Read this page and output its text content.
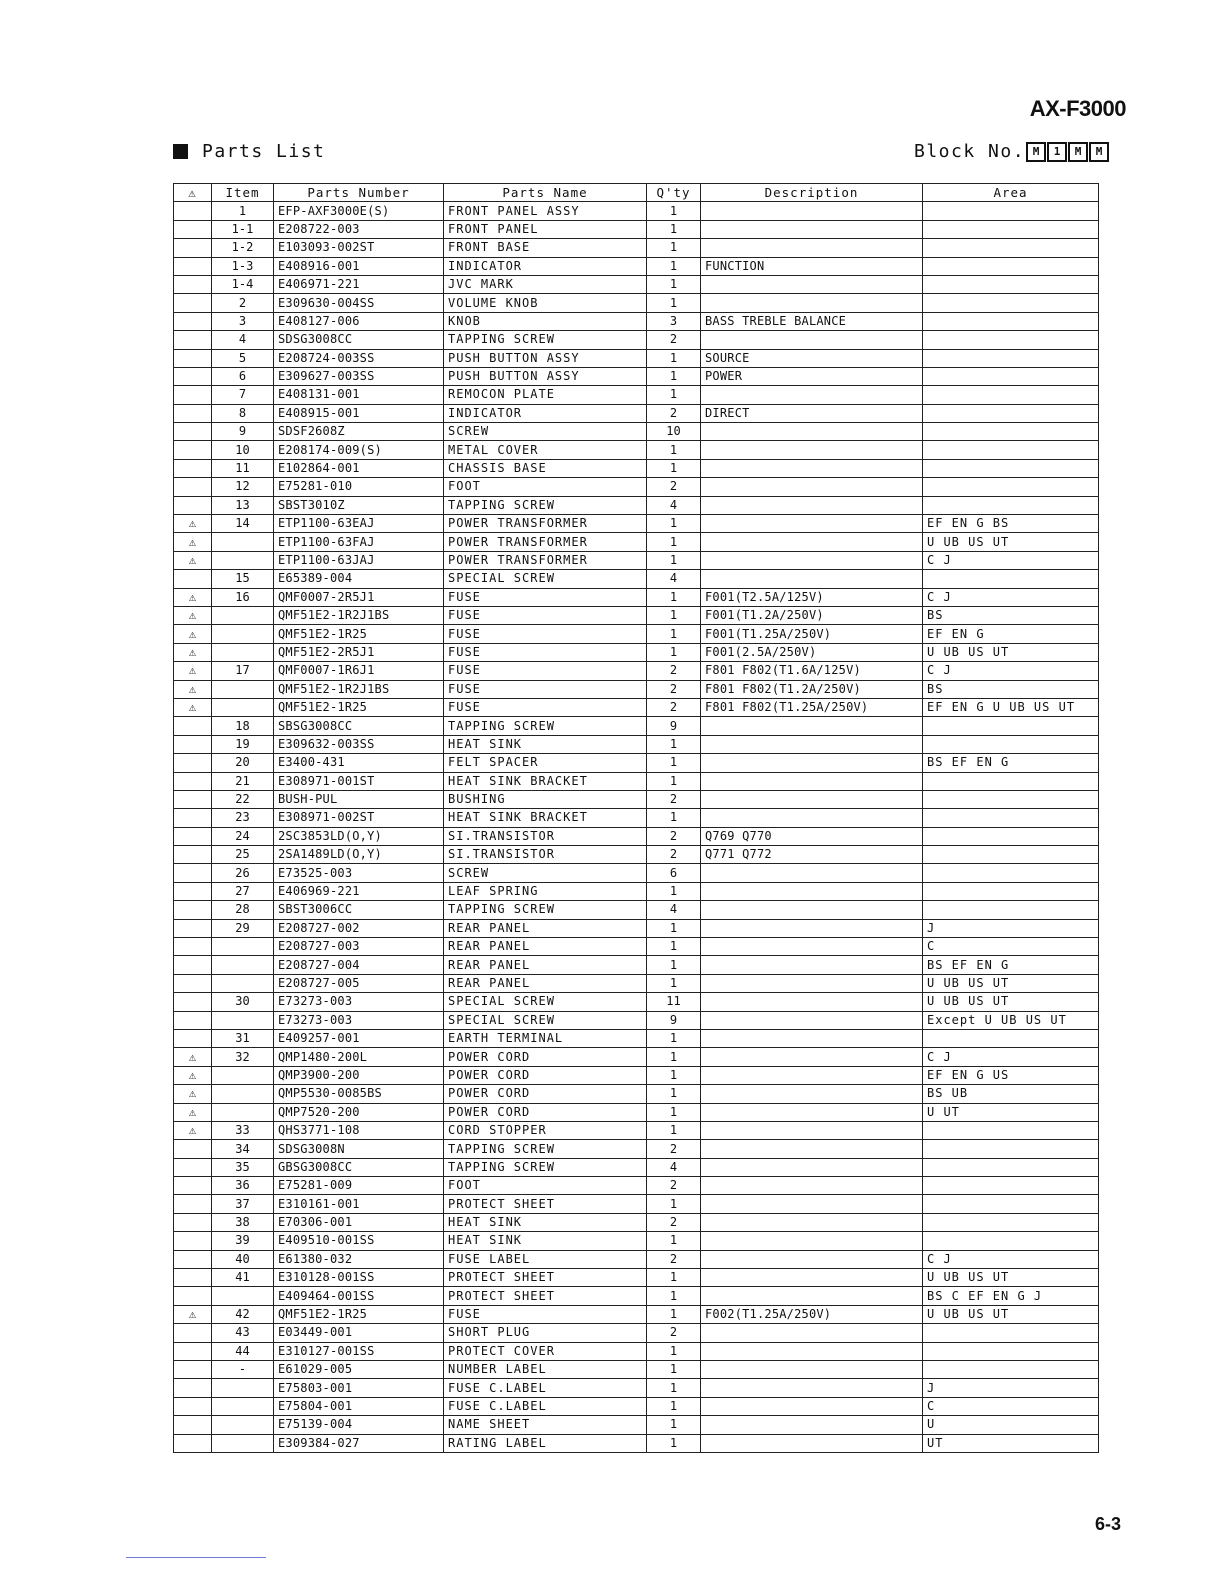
AX-F3000
Parts List	Block No. M	1	M	M
⚠	Item	Parts Number	Parts Name	Q'ty	Description	Area
	1	EFP-AXF3000E(S)	FRONT PANEL ASSY	1		
	1-1	E208722-003	FRONT PANEL	1		
	1-2	E103093-002ST	FRONT BASE	1		
	1-3	E408916-001	INDICATOR	1	FUNCTION	
	1-4	E406971-221	JVC MARK	1		
	2	E309630-004SS	VOLUME KNOB	1		
	3	E408127-006	KNOB	3	BASS TREBLE BALANCE	
	4	SDSG3008CC	TAPPING SCREW	2		
	5	E208724-003SS	PUSH BUTTON ASSY	1	SOURCE	
	6	E309627-003SS	PUSH BUTTON ASSY	1	POWER	
	7	E408131-001	REMOCON PLATE	1		
	8	E408915-001	INDICATOR	2	DIRECT	
	9	SDSF2608Z	SCREW	10		
	10	E208174-009(S)	METAL COVER	1		
	11	E102864-001	CHASSIS BASE	1		
	12	E75281-010	FOOT	2		
	13	SBST3010Z	TAPPING SCREW	4		
⚠	14	ETP1100-63EAJ	POWER TRANSFORMER	1		EF EN G BS
⚠		ETP1100-63FAJ	POWER TRANSFORMER	1		U UB US UT
⚠		ETP1100-63JAJ	POWER TRANSFORMER	1		C J
	15	E65389-004	SPECIAL SCREW	4		
⚠	16	QMF0007-2R5J1	FUSE	1	F001(T2.5A/125V)	C J
⚠		QMF51E2-1R2J1BS	FUSE	1	F001(T1.2A/250V)	BS
⚠		QMF51E2-1R25	FUSE	1	F001(T1.25A/250V)	EF EN G
⚠		QMF51E2-2R5J1	FUSE	1	F001(2.5A/250V)	U UB US UT
⚠	17	QMF0007-1R6J1	FUSE	2	F801 F802(T1.6A/125V)	C J
⚠		QMF51E2-1R2J1BS	FUSE	2	F801 F802(T1.2A/250V)	BS
⚠		QMF51E2-1R25	FUSE	2	F801 F802(T1.25A/250V)	EF EN G U UB US UT
	18	SBSG3008CC	TAPPING SCREW	9		
	19	E309632-003SS	HEAT SINK	1		
	20	E3400-431	FELT SPACER	1		BS EF EN G
	21	E308971-001ST	HEAT SINK BRACKET	1		
	22	BUSH-PUL	BUSHING	2		
	23	E308971-002ST	HEAT SINK BRACKET	1		
	24	2SC3853LD(O,Y)	SI.TRANSISTOR	2	Q769 Q770	
	25	2SA1489LD(O,Y)	SI.TRANSISTOR	2	Q771 Q772	
	26	E73525-003	SCREW	6		
	27	E406969-221	LEAF SPRING	1		
	28	SBST3006CC	TAPPING SCREW	4		
	29	E208727-002	REAR PANEL	1		J
		E208727-003	REAR PANEL	1		C
		E208727-004	REAR PANEL	1		BS EF EN G
		E208727-005	REAR PANEL	1		U UB US UT
	30	E73273-003	SPECIAL SCREW	11		U UB US UT
		E73273-003	SPECIAL SCREW	9		Except U UB US UT
	31	E409257-001	EARTH TERMINAL	1		
⚠	32	QMP1480-200L	POWER CORD	1		C J
⚠		QMP3900-200	POWER CORD	1		EF EN G US
⚠		QMP5530-0085BS	POWER CORD	1		BS UB
⚠		QMP7520-200	POWER CORD	1		U UT
⚠	33	QHS3771-108	CORD STOPPER	1		
	34	SDSG3008N	TAPPING SCREW	2		
	35	GBSG3008CC	TAPPING SCREW	4		
	36	E75281-009	FOOT	2		
	37	E310161-001	PROTECT SHEET	1		
	38	E70306-001	HEAT SINK	2		
	39	E409510-001SS	HEAT SINK	1		
	40	E61380-032	FUSE LABEL	2		C J
	41	E310128-001SS	PROTECT SHEET	1		U UB US UT
		E409464-001SS	PROTECT SHEET	1		BS C EF EN G J
⚠	42	QMF51E2-1R25	FUSE	1	F002(T1.25A/250V)	U UB US UT
	43	E03449-001	SHORT PLUG	2		
	44	E310127-001SS	PROTECT COVER	1		
	-	E61029-005	NUMBER LABEL	1		
		E75803-001	FUSE C.LABEL	1		J
		E75804-001	FUSE C.LABEL	1		C
		E75139-004	NAME SHEET	1		U
		E309384-027	RATING LABEL	1		UT
6-3
